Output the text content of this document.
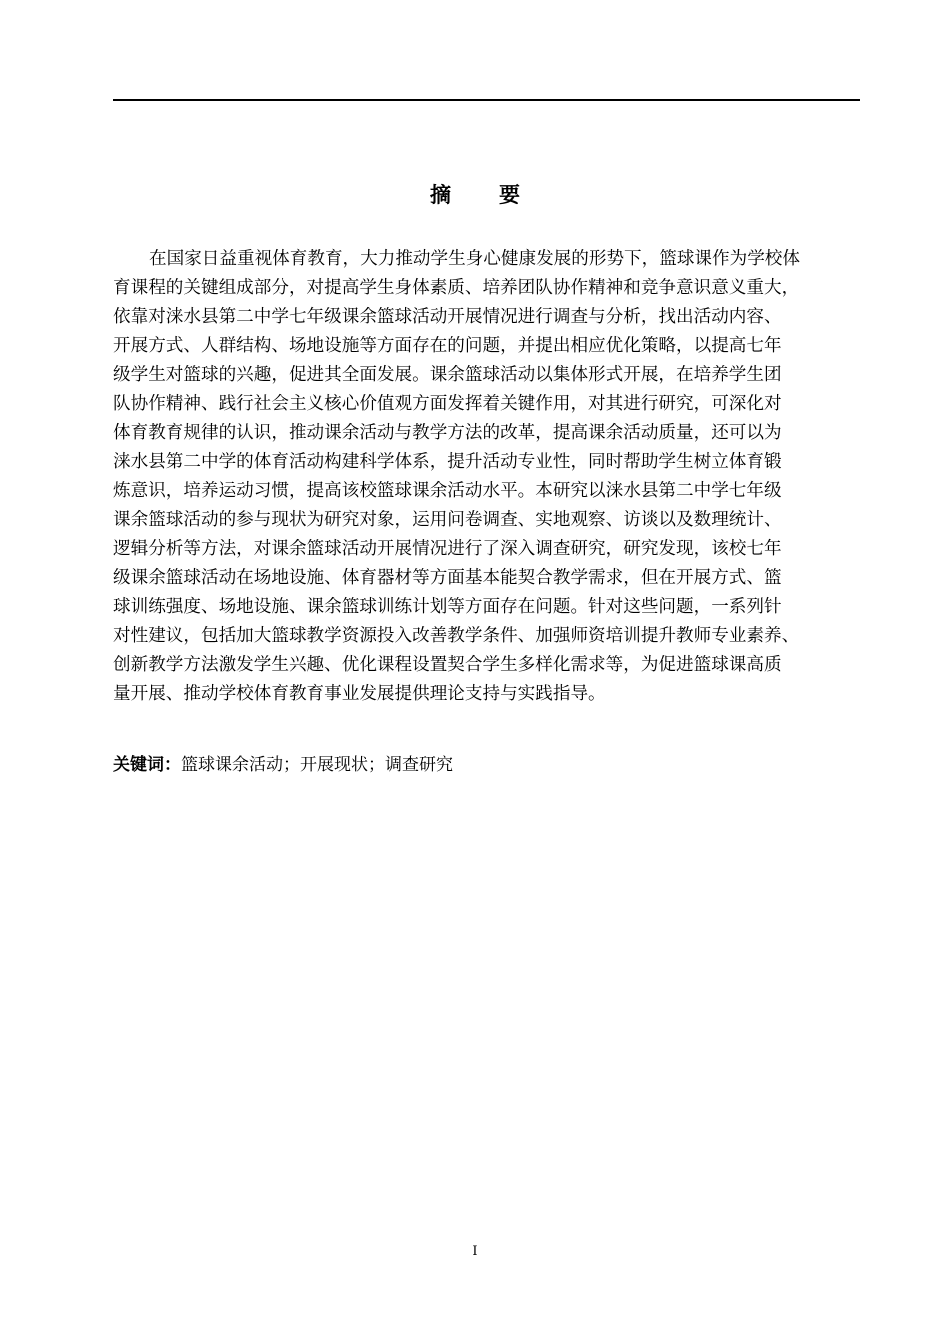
摘要
在国家日益重视体育教育，大力推动学生身心健康发展的形势下，篮球课作为学校体
育课程的关键组成部分，对提高学生身体素质、培养团队协作精神和竞争意识意义重大，
依靠对涞水县第二中学七年级课余篮球活动开展情况进行调查与分析，找出活动内容、
开展方式、人群结构、场地设施等方面存在的问题，并提出相应优化策略，以提高七年
级学生对篮球的兴趣，促进其全面发展。课余篮球活动以集体形式开展，在培养学生团
队协作精神、践行社会主义核心价值观方面发挥着关键作用，对其进行研究，可深化对
体育教育规律的认识，推动课余活动与教学方法的改革，提高课余活动质量，还可以为
涞水县第二中学的体育活动构建科学体系，提升活动专业性，同时帮助学生树立体育锻
炼意识，培养运动习惯，提高该校篮球课余活动水平。本研究以涞水县第二中学七年级
课余篮球活动的参与现状为研究对象，运用问卷调查、实地观察、访谈以及数理统计、
逻辑分析等方法，对课余篮球活动开展情况进行了深入调查研究，研究发现，该校七年
级课余篮球活动在场地设施、体育器材等方面基本能契合教学需求，但在开展方式、篮
球训练强度、场地设施、课余篮球训练计划等方面存在问题。针对这些问题，一系列针
对性建议，包括加大篮球教学资源投入改善教学条件、加强师资培训提升教师专业素养、
创新教学方法激发学生兴趣、优化课程设置契合学生多样化需求等，为促进篮球课高质
量开展、推动学校体育教育事业发展提供理论支持与实践指导。
关键词：篮球课余活动；开展现状；调查研究
I
